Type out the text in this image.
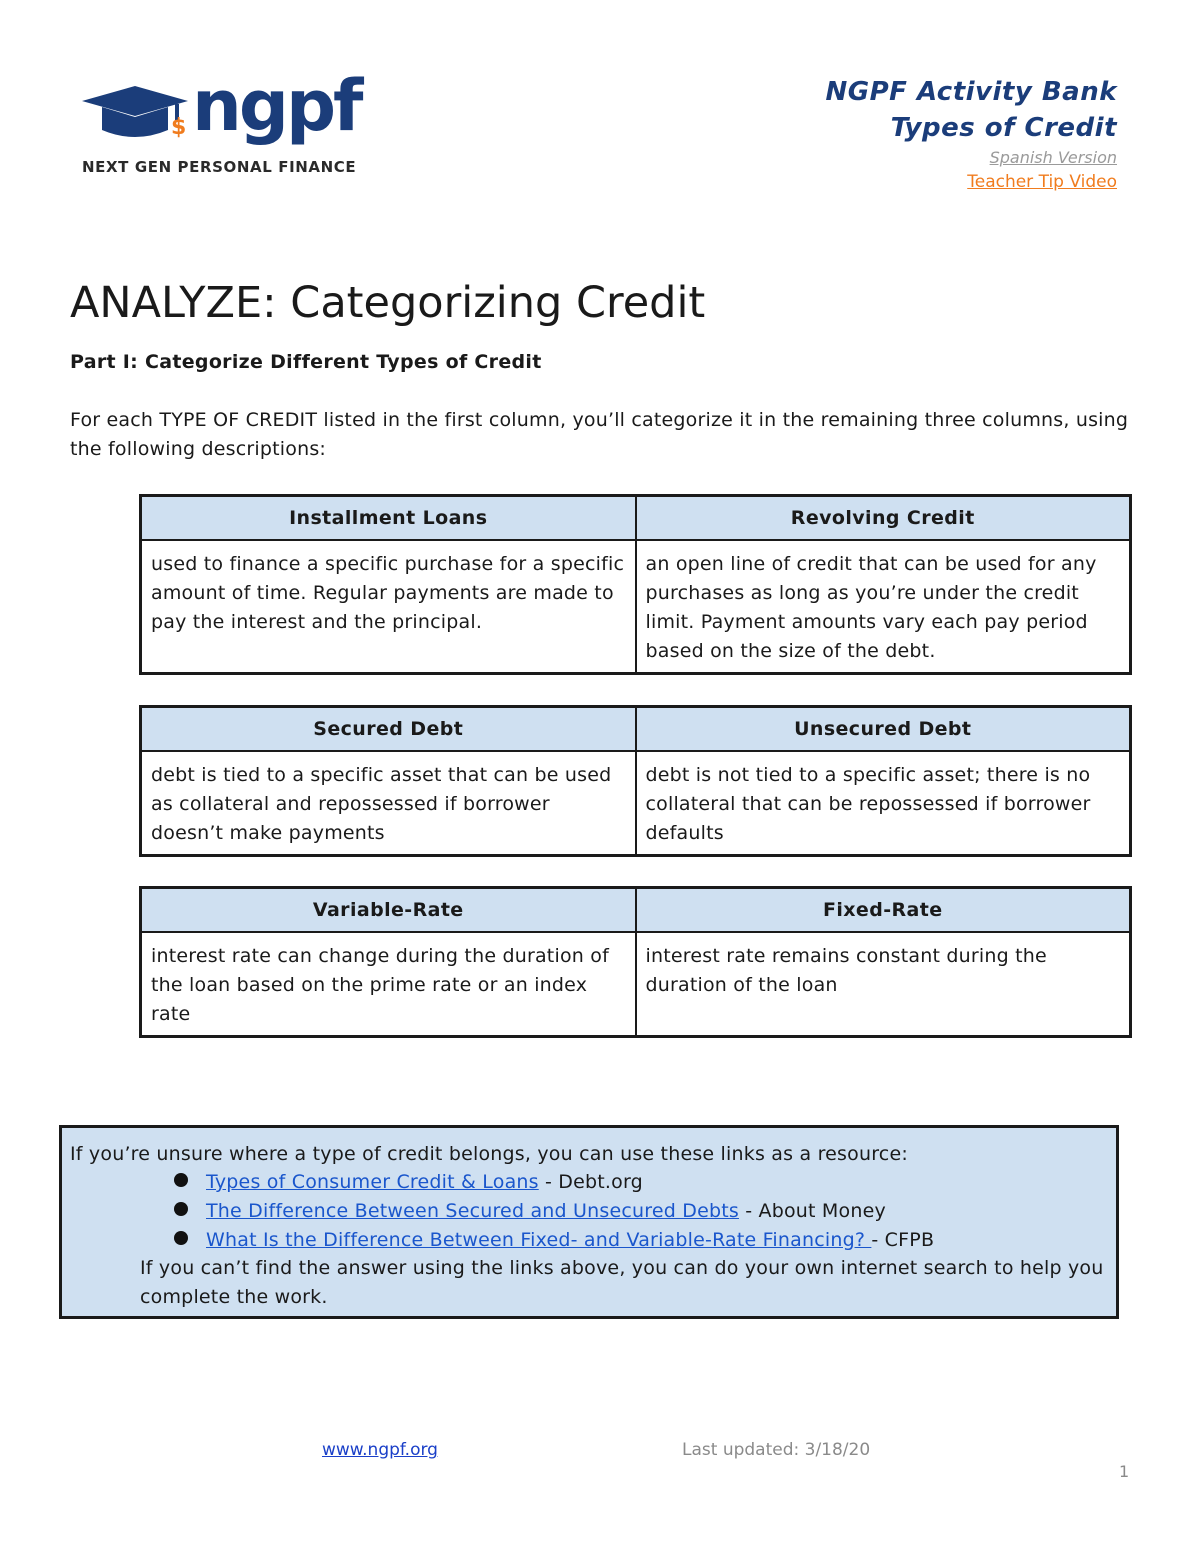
$ ngpf
NEXT GEN PERSONAL FINANCE
NGPF Activity Bank
Types of Credit
Spanish Version
Teacher Tip Video
ANALYZE: Categorizing Credit
Part I: Categorize Different Types of Credit
For each TYPE OF CREDIT listed in the first column, you’ll categorize it in the remaining three columns, using the following descriptions:
Installment Loans	Revolving Credit
used to finance a specific purchase for a specific amount of time. Regular payments are made to pay the interest and the principal.	an open line of credit that can be used for any purchases as long as you’re under the credit limit. Payment amounts vary each pay period based on the size of the debt.
Secured Debt	Unsecured Debt
debt is tied to a specific asset that can be used as collateral and repossessed if borrower doesn’t make payments	debt is not tied to a specific asset; there is no collateral that can be repossessed if borrower defaults
Variable-Rate	Fixed-Rate
interest rate can change during the duration of the loan based on the prime rate or an index rate	interest rate remains constant during the duration of the loan
If you’re unsure where a type of credit belongs, you can use these links as a resource:
Types of Consumer Credit & Loans - Debt.org
The Difference Between Secured and Unsecured Debts - About Money
What Is the Difference Between Fixed- and Variable-Rate Financing? - CFPB
If you can’t find the answer using the links above, you can do your own internet search to help you complete the work.
www.ngpf.org	Last updated: 3/18/20
1
